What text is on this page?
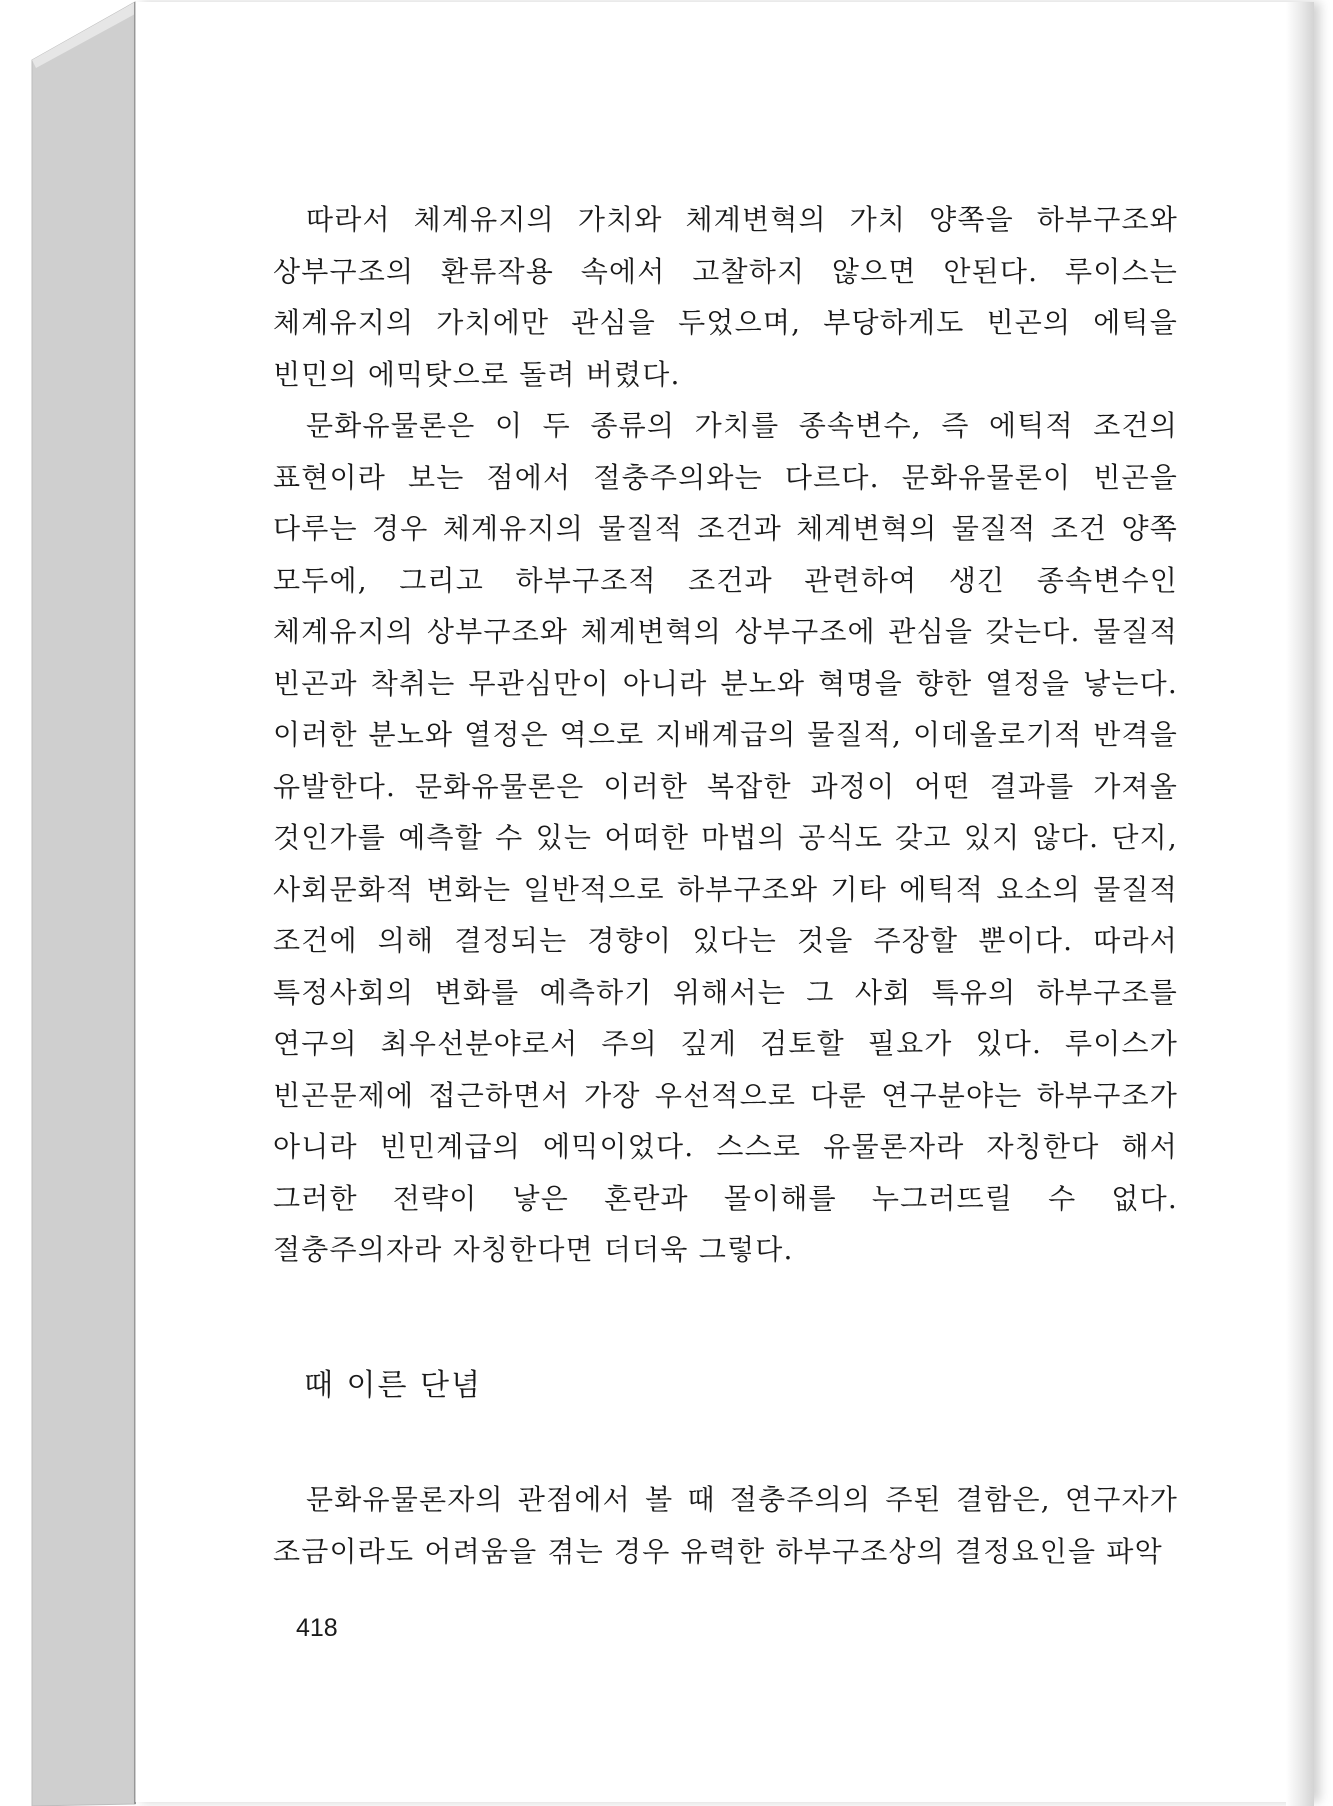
따라서 체계유지의 가치와 체계변혁의 가치 양쪽을 하부구조와 상부구조의 환류작용 속에서 고찰하지 않으면 안된다. 루이스는 체계유지의 가치에만 관심을 두었으며, 부당하게도 빈곤의 에틱을 빈민의 에믹탓으로 돌려 버렸다.

문화유물론은 이 두 종류의 가치를 종속변수, 즉 에틱적 조건의 표현이라 보는 점에서 절충주의와는 다르다. 문화유물론이 빈곤을 다루는 경우 체계유지의 물질적 조건과 체계변혁의 물질적 조건 양쪽 모두에, 그리고 하부구조적 조건과 관련하여 생긴 종속변수인 체계유지의 상부구조와 체계변혁의 상부구조에 관심을 갖는다. 물질적 빈곤과 착취는 무관심만이 아니라 분노와 혁명을 향한 열정을 낳는다. 이러한 분노와 열정은 역으로 지배계급의 물질적, 이데올로기적 반격을 유발한다. 문화유물론은 이러한 복잡한 과정이 어떤 결과를 가져올 것인가를 예측할 수 있는 어떠한 마법의 공식도 갖고 있지 않다. 단지, 사회문화적 변화는 일반적으로 하부구조와 기타 에틱적 요소의 물질적 조건에 의해 결정되는 경향이 있다는 것을 주장할 뿐이다. 따라서 특정사회의 변화를 예측하기 위해서는 그 사회 특유의 하부구조를 연구의 최우선분야로서 주의 깊게 검토할 필요가 있다. 루이스가 빈곤문제에 접근하면서 가장 우선적으로 다룬 연구분야는 하부구조가 아니라 빈민계급의 에믹이었다. 스스로 유물론자라 자칭한다 해서 그러한 전략이 낳은 혼란과 몰이해를 누그러뜨릴 수 없다. 절충주의자라 자칭한다면 더더욱 그렇다.

때 이른 단념

문화유물론자의 관점에서 볼 때 절충주의의 주된 결함은, 연구자가 조금이라도 어려움을 겪는 경우 유력한 하부구조상의 결정요인을 파악

418
